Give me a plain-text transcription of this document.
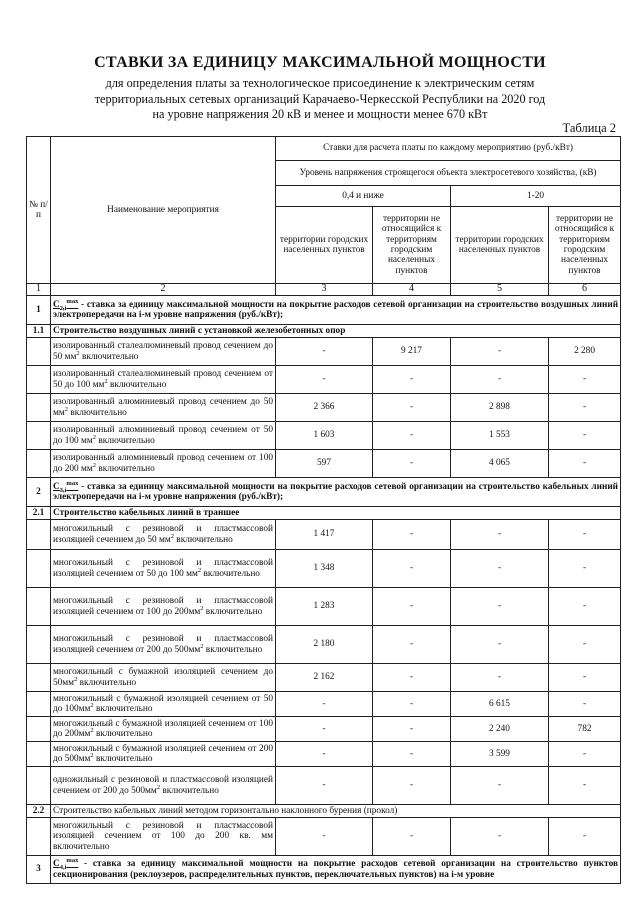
СТАВКИ ЗА ЕДИНИЦУ МАКСИМАЛЬНОЙ МОЩНОСТИ
для определения платы за технологическое присоединение к электрическим сетям
территориальных сетевых организаций Карачаево-Черкесской Республики на 2020 год
на уровне напряжения 20 кВ и менее и мощности менее 670 кВт
Таблица 2
№ п/п	Наименование мероприятия	Ставки для расчета платы по каждому мероприятию (руб./кВт)			
		Уровень напряжения строящегося объекта электросетевого хозяйства, (кВ)			
		0,4 и ниже		1-20	
		территории городских населенных пунктов	территории не относящийся к территориям городским населенных пунктов	территории городских населенных пунктов	территории не относящийся к территориям городским населенных пунктов
1	2	3	4	5	6
1	$С_{2,i}^{max}$ - ставка за единицу максимальной мощности на покрытие расходов сетевой организации на строительство воздушных линий электропередачи на i-м уровне напряжения (руб./кВт);				
1.1	Строительство воздушных линий с установкой железобетонных опор				
	изолированный сталеалюминевый провод сечением до 50 $мм^2$ включительно	-	9 217	-	2 280
	изолированный сталеалюминевый провод сечением от 50 до 100 $мм^2$ включительно	-	-	-	-
	изолированный алюминиевый провод сечением до 50 $мм^2$ включительно	2 366	-	2 898	-
	изолированный алюминиевый провод сечением от 50 до 100 $мм^2$ включительно	1 603	-	1 553	-
	изолированный алюминиевый провод сечением от 100 до 200 $мм^2$ включительно	597	-	4 065	-
2	$С_{3,i}^{max}$ - ставка за единицу максимальной мощности на покрытие расходов сетевой организации на строительство кабельных линий электропередачи на i-м уровне напряжения (руб./кВт);				
2.1	Строительство кабельных линий в траншее				
	многожильный с резиновой и пластмассовой изоляцией сечением до 50 $мм^2$ включительно	1 417	-	-	-
	многожильный с резиновой и пластмассовой изоляцией сечением от 50 до 100 $мм^2$ включительно	1 348	-	-	-
	многожильный с резиновой и пластмассовой изоляцией сечением от 100 до $200мм^2$ включительно	1 283	-	-	-
	многожильный с резиновой и пластмассовой изоляцией сечением от 200 до $500мм^2$ включительно	2 180	-	-	-
	многожильный с бумажной изоляцией сечением до $50мм^2$ включительно	2 162	-	-	-
	многожильный с бумажной изоляцией сечением от 50 до $100мм^2$ включительно	-	-	6 615	-
	многожильный с бумажной изоляцией сечением от 100 до $200мм^2$ включительно	-	-	2 240	782
	многожильный с бумажной изоляцией сечением от 200 до $500мм^2$ включительно	-	-	3 599	-
	одножильный с резиновой и пластмассовой изоляцией сечением от 200 до $500мм^2$ включительно	-	-	-	-
2.2	Строительство кабельных линий методом горизонтально наклонного бурения (прокол)				
	многожильный с резиновой и пластмассовой изоляцией сечением от 100 до 200 кв. мм включительно	-	-	-	-
3	$С_{4,i}^{max}$ - ставка за единицу максимальной мощности на покрытие расходов сетевой организации на строительство пунктов секционирования (реклоузеров, распределительных пунктов, переключательных пунктов) на i-м уровне				
